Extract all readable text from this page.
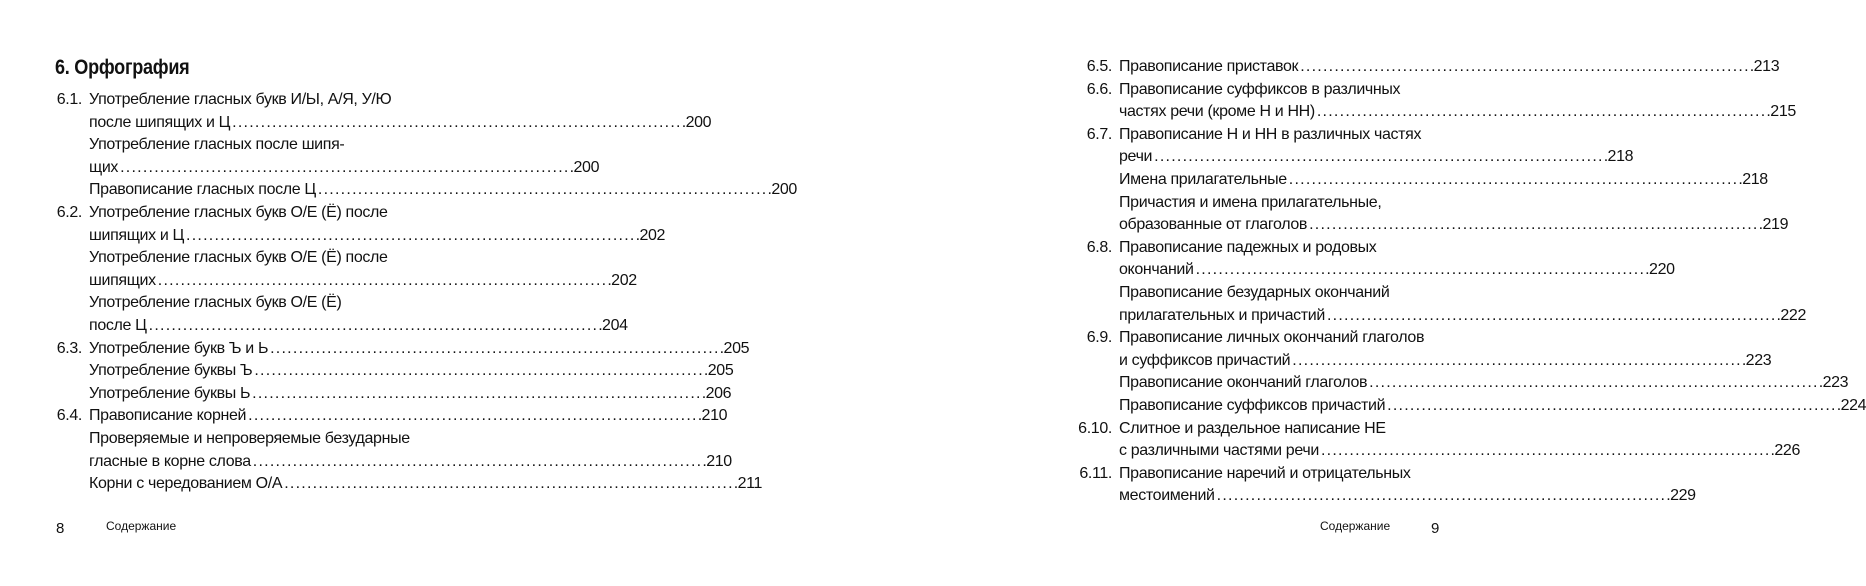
6. Орфография
6.1. Употребление гласных букв И/Ы, А/Я, У/Ю
после шипящих и Ц . . .	200
Употребление гласных после шипя-
щих . . .	200
Правописание гласных после Ц . . .	200
6.2. Употребление гласных букв О/Е (Ё) после
шипящих и Ц . . .	202
Употребление гласных букв О/Е (Ё) после
шипящих . . .	202
Употребление гласных букв О/Е (Ё)
после Ц . . .	204
6.3. Употребление букв Ъ и Ь . . .	205
Употребление буквы Ъ . . .	205
Употребление буквы Ь . . .	206
6.4. Правописание корней . . .	210
Проверяемые и непроверяемые безударные
гласные в корне слова . . .	210
Корни с чередованием О/А . . .	211
8	Содержание
6.5. Правописание приставок . . .	213
6.6. Правописание суффиксов в различных
частях речи (кроме Н и НН) . . .	215
6.7. Правописание Н и НН в различных частях
речи . . .	218
Имена прилагательные . . .	218
Причастия и имена прилагательные,
образованные от глаголов . . .	219
6.8. Правописание падежных и родовых
окончаний . . .	220
Правописание безударных окончаний
прилагательных и причастий . . .	222
6.9. Правописание личных окончаний глаголов
и суффиксов причастий . . .	223
Правописание окончаний глаголов . . .	223
Правописание суффиксов причастий . . .	224
6.10. Слитное и раздельное написание НЕ
с различными частями речи . . .	226
6.11. Правописание наречий и отрицательных
местоимений . . .	229
Содержание	9
